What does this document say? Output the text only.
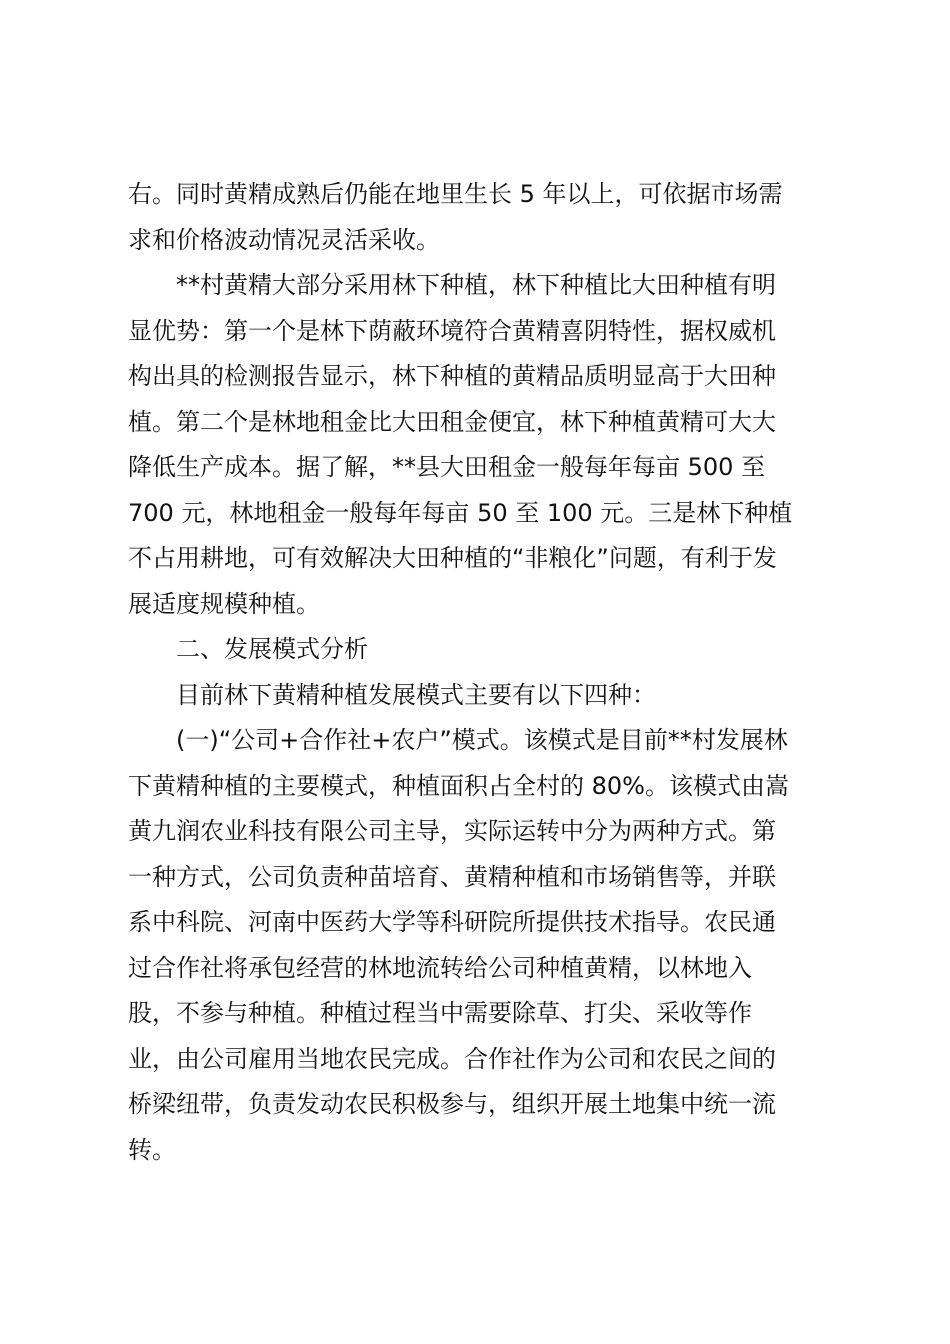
右。同时黄精成熟后仍能在地里生长 5 年以上，可依据市场需
求和价格波动情况灵活采收。
**村黄精大部分采用林下种植，林下种植比大田种植有明
显优势：第一个是林下荫蔽环境符合黄精喜阴特性，据权威机
构出具的检测报告显示，林下种植的黄精品质明显高于大田种
植。第二个是林地租金比大田租金便宜，林下种植黄精可大大
降低生产成本。据了解，**县大田租金一般每年每亩 500 至
700 元，林地租金一般每年每亩 50 至 100 元。三是林下种植
不占用耕地，可有效解决大田种植的“非粮化”问题，有利于发
展适度规模种植。
二、发展模式分析
目前林下黄精种植发展模式主要有以下四种：
(一)“公司+合作社+农户”模式。该模式是目前**村发展林
下黄精种植的主要模式，种植面积占全村的 80%。该模式由嵩
黄九润农业科技有限公司主导，实际运转中分为两种方式。第
一种方式，公司负责种苗培育、黄精种植和市场销售等，并联
系中科院、河南中医药大学等科研院所提供技术指导。农民通
过合作社将承包经营的林地流转给公司种植黄精，以林地入
股，不参与种植。种植过程当中需要除草、打尖、采收等作
业，由公司雇用当地农民完成。合作社作为公司和农民之间的
桥梁纽带，负责发动农民积极参与，组织开展土地集中统一流
转。
